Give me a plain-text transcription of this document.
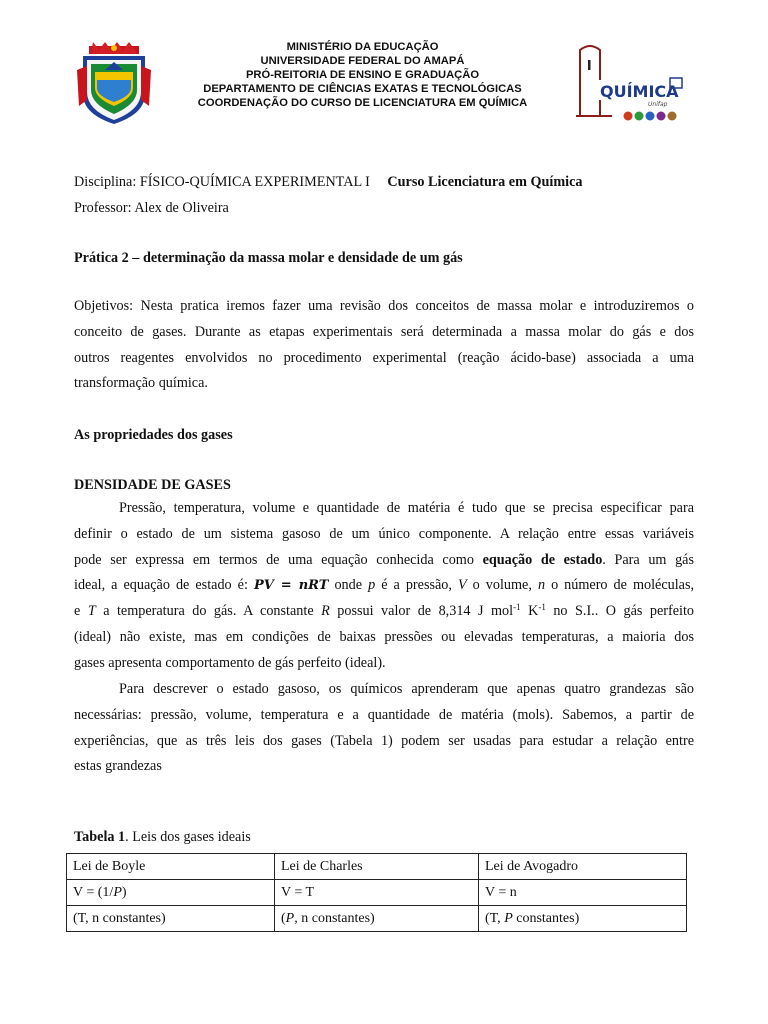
MINISTÉRIO DA EDUCAÇÃO
UNIVERSIDADE FEDERAL DO AMAPÁ
PRÓ-REITORIA DE ENSINO E GRADUAÇÃO
DEPARTAMENTO DE CIÊNCIAS EXATAS E TECNOLÓGICAS
COORDENAÇÃO DO CURSO DE LICENCIATURA EM QUÍMICA
QUÍMICA
Unifap
Disciplina: FÍSICO-QUÍMICA EXPERIMENTAL I Curso Licenciatura em Química
Professor: Alex de Oliveira
Prática 2 – determinação da massa molar e densidade de um gás
Objetivos: Nesta pratica iremos fazer uma revisão dos conceitos de massa molar e introduziremos o
conceito de gases. Durante as etapas experimentais será determinada a massa molar do gás e dos
outros reagentes envolvidos no procedimento experimental (reação ácido-base) associada a uma
transformação química.
As propriedades dos gases
DENSIDADE DE GASES
Pressão, temperatura, volume e quantidade de matéria é tudo que se precisa especificar para
definir o estado de um sistema gasoso de um único componente. A relação entre essas variáveis
pode ser expressa em termos de uma equação conhecida como equação de estado. Para um gás
ideal, a equação de estado é: PV = nRT onde p é a pressão, V o volume, n o número de moléculas,
e T a temperatura do gás. A constante R possui valor de 8,314 J mol$^{-1}$ $K^{-1}$ no S.I.. O gás perfeito
(ideal) não existe, mas em condições de baixas pressões ou elevadas temperaturas, a maioria dos
gases apresenta comportamento de gás perfeito (ideal).
Para descrever o estado gasoso, os químicos aprenderam que apenas quatro grandezas são
necessárias: pressão, volume, temperatura e a quantidade de matéria (mols). Sabemos, a partir de
experiências, que as três leis dos gases (Tabela 1) podem ser usadas para estudar a relação entre
estas grandezas
Tabela 1. Leis dos gases ideais
Lei de Boyle	Lei de Charles	Lei de Avogadro
V = (1/P)	V = T	V = n
(T, n constantes)	(P, n constantes)	(T, P constantes)
